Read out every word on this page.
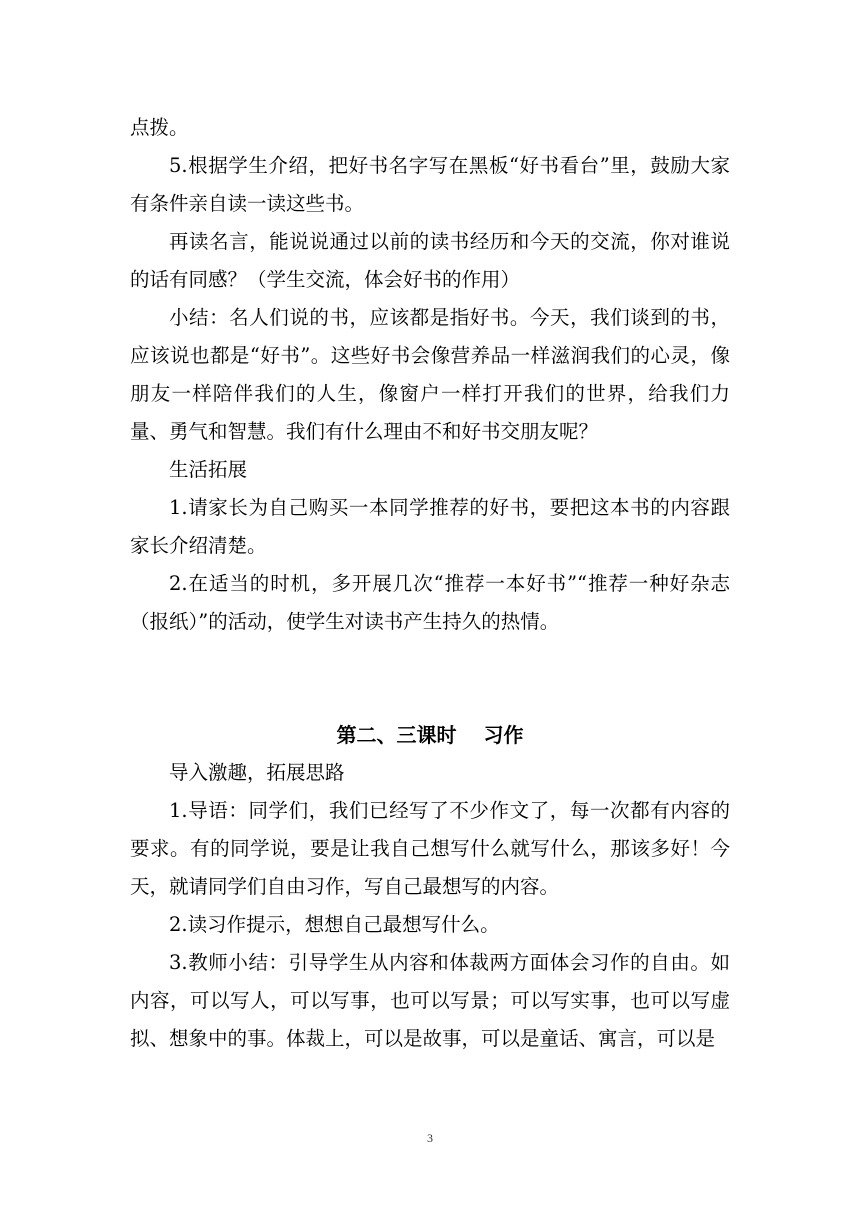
点拨。

5.根据学生介绍，把好书名字写在黑板“好书看台”里，鼓励大家有条件亲自读一读这些书。

再读名言，能说说通过以前的读书经历和今天的交流，你对谁说的话有同感？（学生交流，体会好书的作用）

小结：名人们说的书，应该都是指好书。今天，我们谈到的书，应该说也都是“好书”。这些好书会像营养品一样滋润我们的心灵，像朋友一样陪伴我们的人生，像窗户一样打开我们的世界，给我们力量、勇气和智慧。我们有什么理由不和好书交朋友呢？

生活拓展

1.请家长为自己购买一本同学推荐的好书，要把这本书的内容跟家长介绍清楚。

2.在适当的时机，多开展几次“推荐一本好书”“推荐一种好杂志（报纸）”的活动，使学生对读书产生持久的热情。

第二、三课时　 习作

导入激趣，拓展思路

1.导语：同学们，我们已经写了不少作文了，每一次都有内容的要求。有的同学说，要是让我自己想写什么就写什么，那该多好！今天，就请同学们自由习作，写自己最想写的内容。

2.读习作提示，想想自己最想写什么。

3.教师小结：引导学生从内容和体裁两方面体会习作的自由。如内容，可以写人，可以写事，也可以写景；可以写实事，也可以写虚拟、想象中的事。体裁上，可以是故事，可以是童话、寓言，可以是

3
